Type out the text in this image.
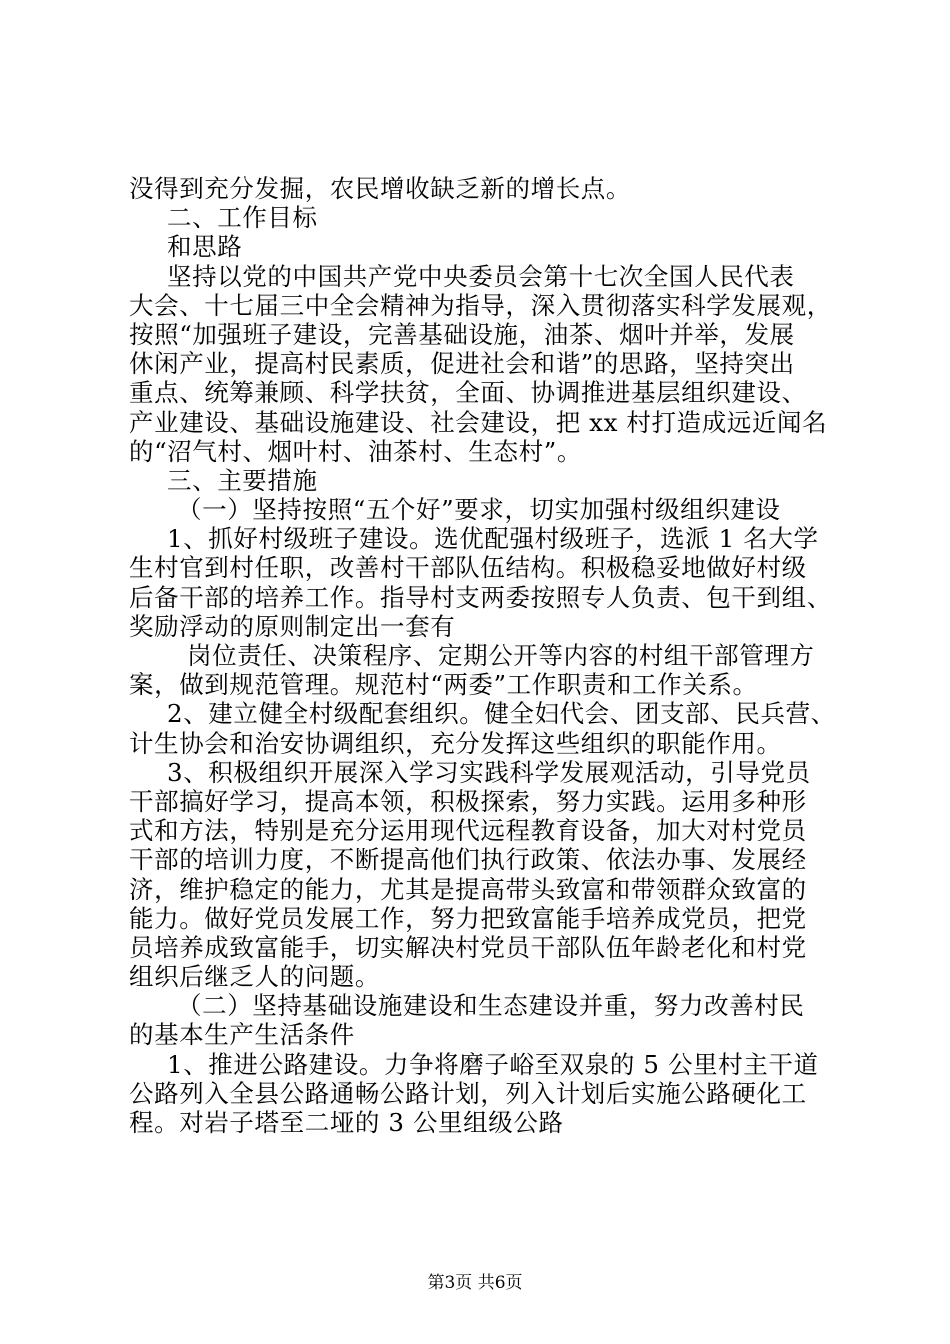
没得到充分发掘，农民增收缺乏新的增长点。
二、工作目标
和思路
坚持以党的中国共产党中央委员会第十七次全国人民代表
大会、十七届三中全会精神为指导，深入贯彻落实科学发展观，
按照“加强班子建设，完善基础设施，油茶、烟叶并举，发展
休闲产业，提高村民素质，促进社会和谐”的思路，坚持突出
重点、统筹兼顾、科学扶贫，全面、协调推进基层组织建设、
产业建设、基础设施建设、社会建设，把 xx 村打造成远近闻名
的“沼气村、烟叶村、油茶村、生态村”。
三、主要措施
（一）坚持按照“五个好”要求，切实加强村级组织建设
1、抓好村级班子建设。选优配强村级班子，选派 1 名大学
生村官到村任职，改善村干部队伍结构。积极稳妥地做好村级
后备干部的培养工作。指导村支两委按照专人负责、包干到组、
奖励浮动的原则制定出一套有
岗位责任、决策程序、定期公开等内容的村组干部管理方
案，做到规范管理。规范村“两委”工作职责和工作关系。
2、建立健全村级配套组织。健全妇代会、团支部、民兵营、
计生协会和治安协调组织，充分发挥这些组织的职能作用。
3、积极组织开展深入学习实践科学发展观活动，引导党员
干部搞好学习，提高本领，积极探索，努力实践。运用多种形
式和方法，特别是充分运用现代远程教育设备，加大对村党员
干部的培训力度，不断提高他们执行政策、依法办事、发展经
济，维护稳定的能力，尤其是提高带头致富和带领群众致富的
能力。做好党员发展工作，努力把致富能手培养成党员，把党
员培养成致富能手，切实解决村党员干部队伍年龄老化和村党
组织后继乏人的问题。
（二）坚持基础设施建设和生态建设并重，努力改善村民
的基本生产生活条件
1、推进公路建设。力争将磨子峪至双泉的 5 公里村主干道
公路列入全县公路通畅公路计划，列入计划后实施公路硬化工
程。对岩子塔至二垭的 3 公里组级公路
第3页 共6页
